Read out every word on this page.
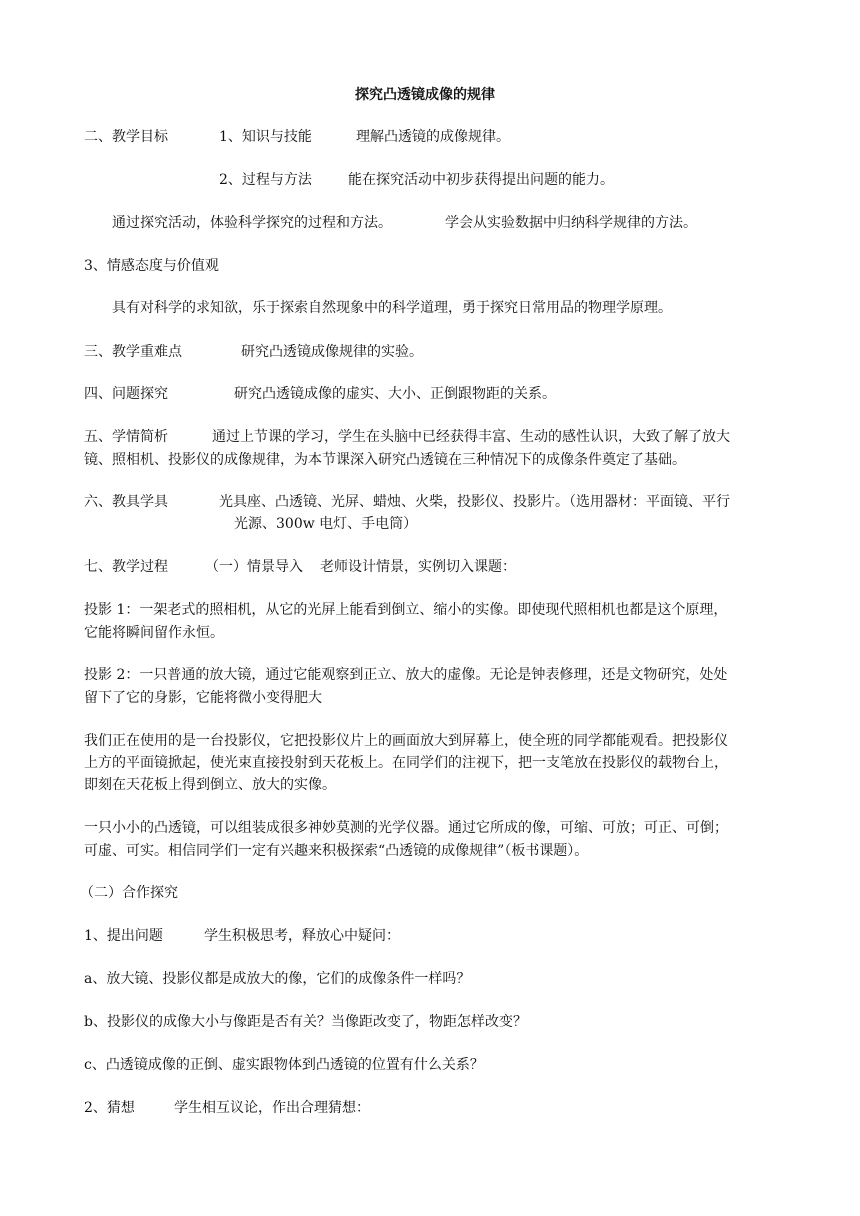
探究凸透镜成像的规律
二、教学目标	1、知识与技能	理解凸透镜的成像规律。
2、过程与方法	能在探究活动中初步获得提出问题的能力。
通过探究活动，体验科学探究的过程和方法。	学会从实验数据中归纳科学规律的方法。
3、情感态度与价值观
具有对科学的求知欲，乐于探索自然现象中的科学道理，勇于探究日常用品的物理学原理。
三、教学重难点	研究凸透镜成像规律的实验。
四、问题探究	研究凸透镜成像的虚实、大小、正倒跟物距的关系。
五、学情简析	通过上节课的学习，学生在头脑中已经获得丰富、生动的感性认识，大致了解了放大
镜、照相机、投影仪的成像规律，为本节课深入研究凸透镜在三种情况下的成像条件奠定了基础。
六、教具学具	光具座、凸透镜、光屏、蜡烛、火柴，投影仪、投影片。（选用器材：平面镜、平行
光源、300w 电灯、手电筒）
七、教学过程	（一）情景导入 老师设计情景，实例切入课题：
投影 1：一架老式的照相机，从它的光屏上能看到倒立、缩小的实像。即使现代照相机也都是这个原理，
它能将瞬间留作永恒。
投影 2：一只普通的放大镜，通过它能观察到正立、放大的虚像。无论是钟表修理，还是文物研究，处处
留下了它的身影，它能将微小变得肥大
我们正在使用的是一台投影仪，它把投影仪片上的画面放大到屏幕上，使全班的同学都能观看。把投影仪
上方的平面镜掀起，使光束直接投射到天花板上。在同学们的注视下，把一支笔放在投影仪的载物台上，
即刻在天花板上得到倒立、放大的实像。
一只小小的凸透镜，可以组装成很多神妙莫测的光学仪器。通过它所成的像，可缩、可放；可正、可倒；
可虚、可实。相信同学们一定有兴趣来积极探索“凸透镜的成像规律”（板书课题）。
（二）合作探究
1、提出问题	学生积极思考，释放心中疑问：
a、放大镜、投影仪都是成放大的像，它们的成像条件一样吗？
b、投影仪的成像大小与像距是否有关？当像距改变了，物距怎样改变？
c、凸透镜成像的正倒、虚实跟物体到凸透镜的位置有什么关系？
2、猜想	学生相互议论，作出合理猜想：
